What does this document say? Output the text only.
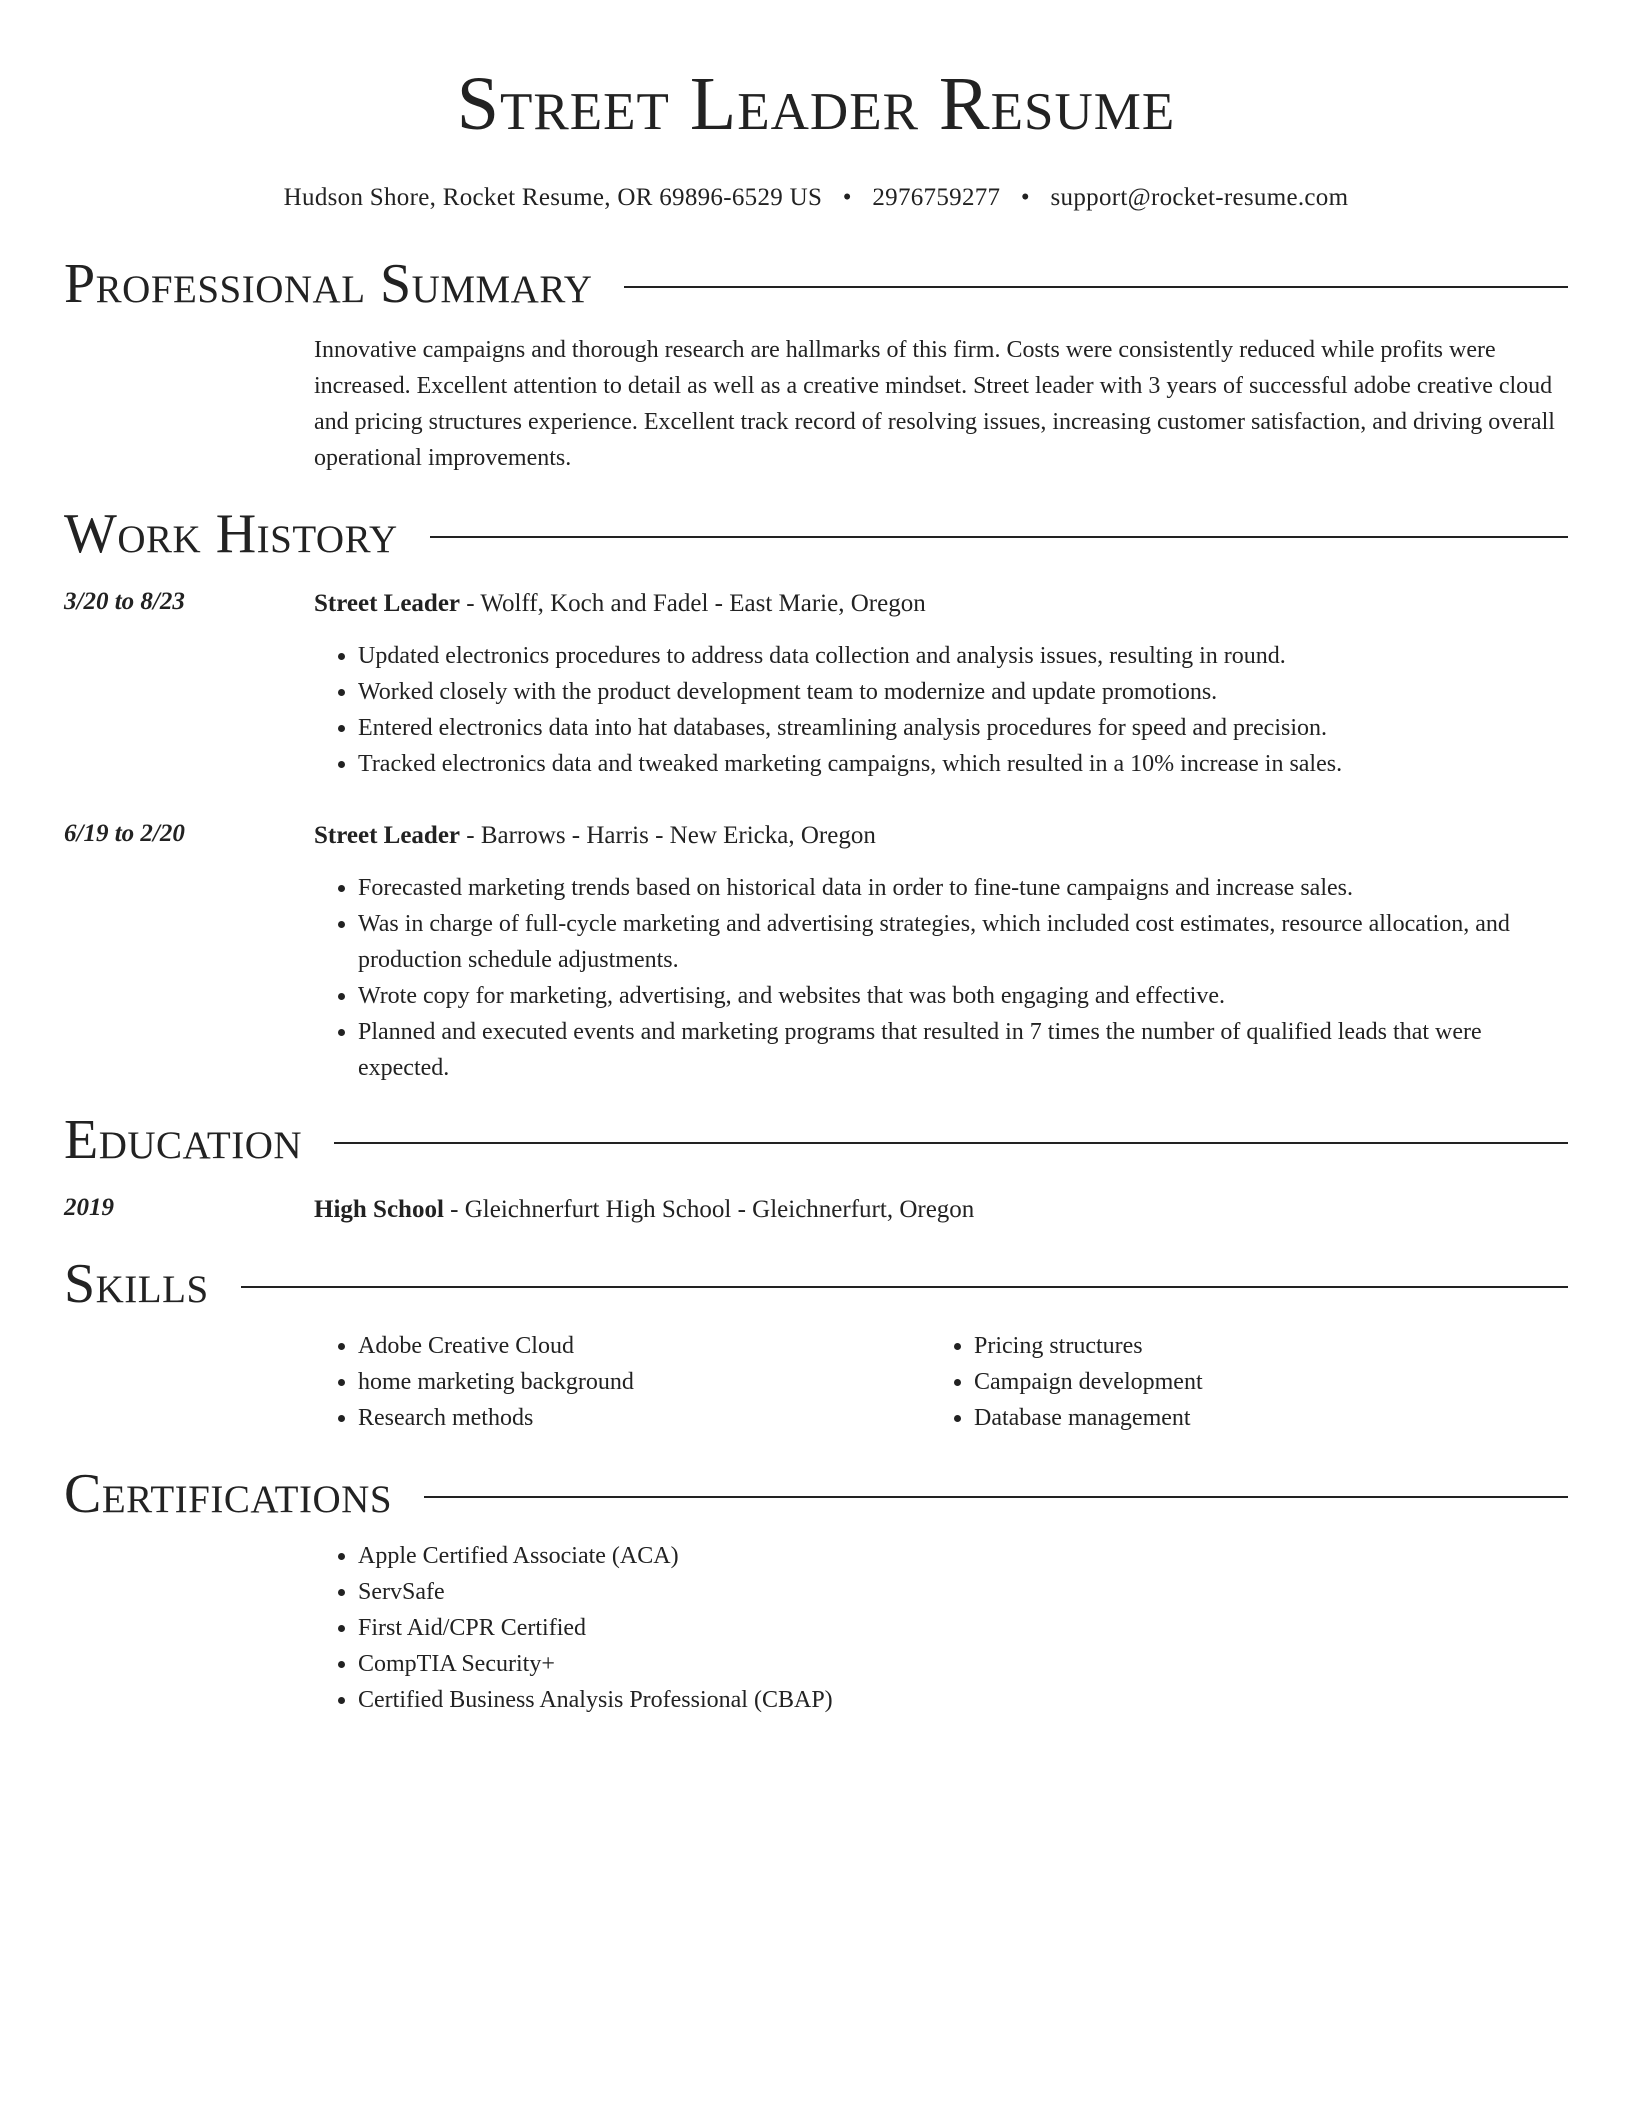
Street Leader Resume
Hudson Shore, Rocket Resume, OR 69896-6529 US • 2976759277 • support@rocket-resume.com
Professional Summary
Innovative campaigns and thorough research are hallmarks of this firm. Costs were consistently reduced while profits were increased. Excellent attention to detail as well as a creative mindset. Street leader with 3 years of successful adobe creative cloud and pricing structures experience. Excellent track record of resolving issues, increasing customer satisfaction, and driving overall operational improvements.
Work History
3/20 to 8/23	Street Leader - Wolff, Koch and Fadel - East Marie, Oregon
• Updated electronics procedures to address data collection and analysis issues, resulting in round.
• Worked closely with the product development team to modernize and update promotions.
• Entered electronics data into hat databases, streamlining analysis procedures for speed and precision.
• Tracked electronics data and tweaked marketing campaigns, which resulted in a 10% increase in sales.
6/19 to 2/20	Street Leader - Barrows - Harris - New Ericka, Oregon
• Forecasted marketing trends based on historical data in order to fine-tune campaigns and increase sales.
• Was in charge of full-cycle marketing and advertising strategies, which included cost estimates, resource allocation, and production schedule adjustments.
• Wrote copy for marketing, advertising, and websites that was both engaging and effective.
• Planned and executed events and marketing programs that resulted in 7 times the number of qualified leads that were expected.
Education
2019	High School - Gleichnerfurt High School - Gleichnerfurt, Oregon
Skills
• Adobe Creative Cloud
• home marketing background
• Research methods
• Pricing structures
• Campaign development
• Database management
Certifications
• Apple Certified Associate (ACA)
• ServSafe
• First Aid/CPR Certified
• CompTIA Security+
• Certified Business Analysis Professional (CBAP)
